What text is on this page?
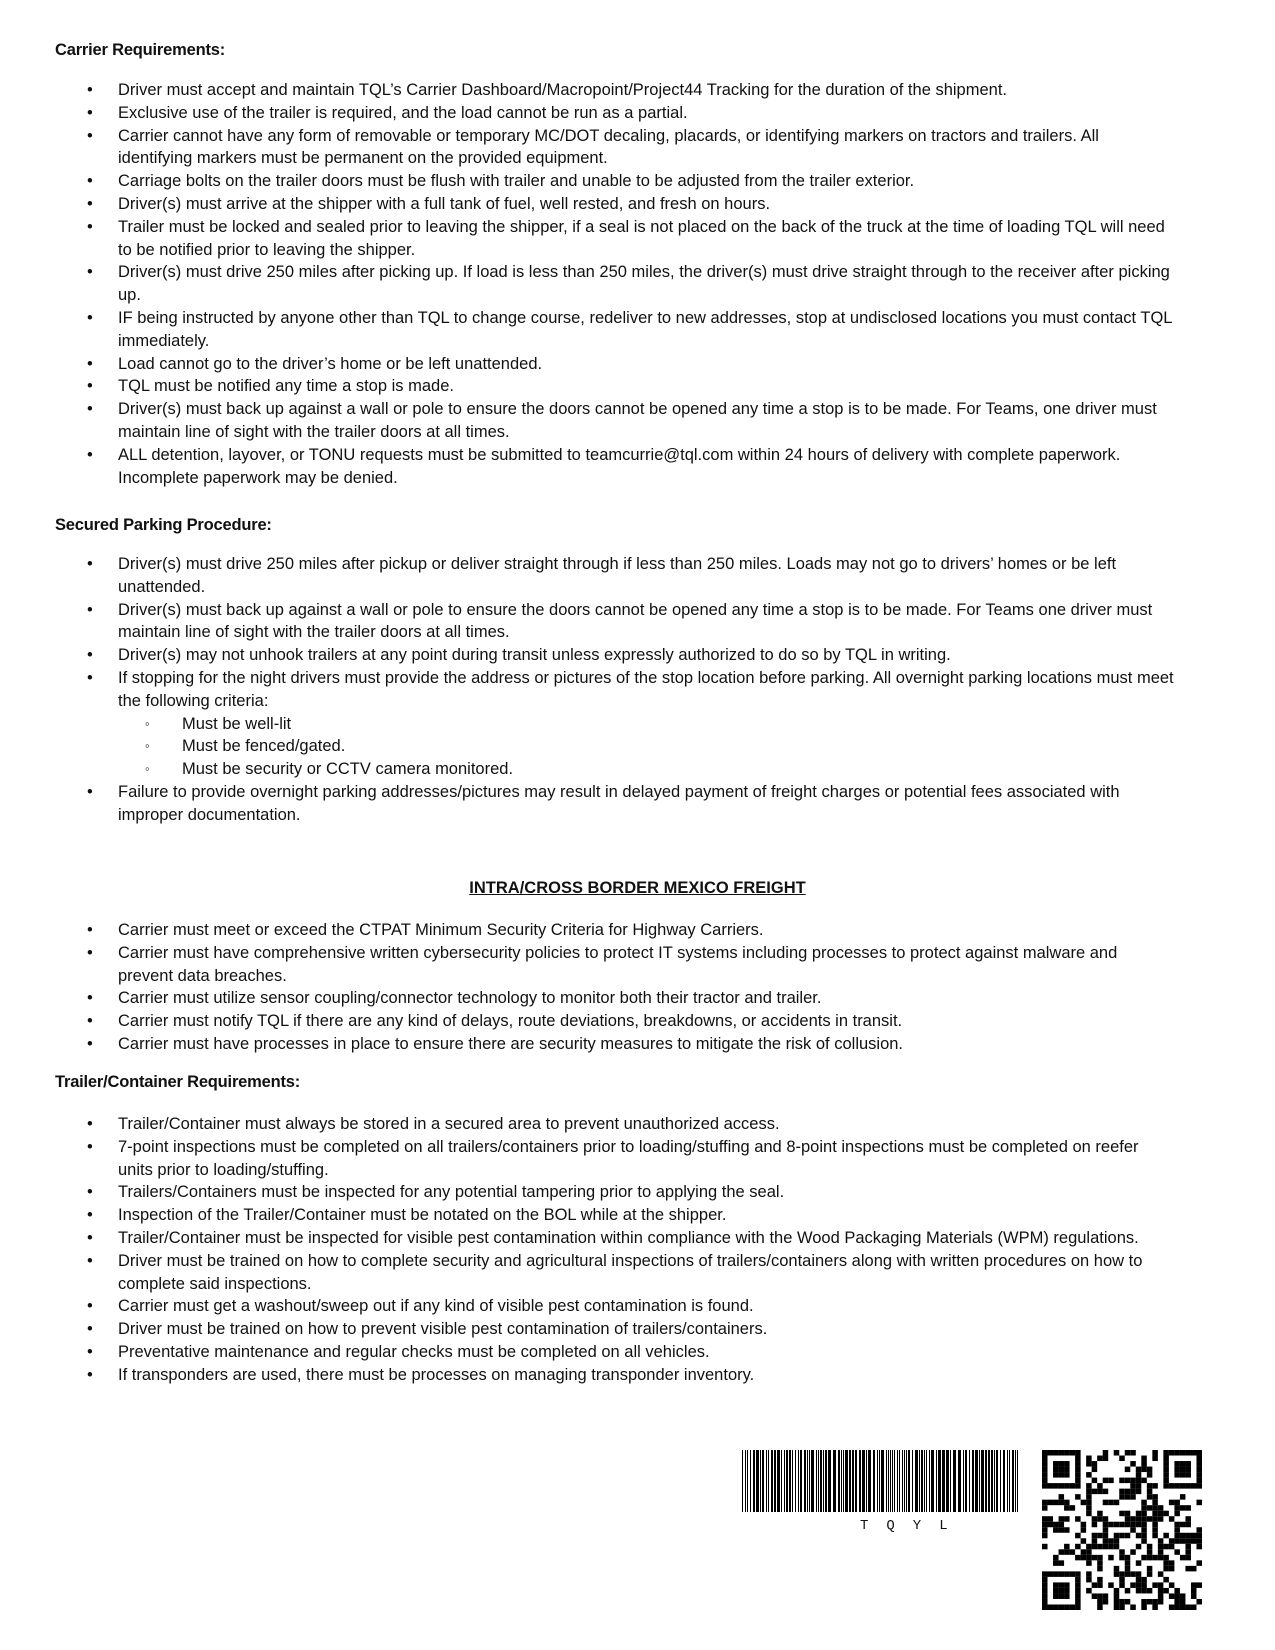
Carrier Requirements:
• Driver must accept and maintain TQL’s Carrier Dashboard/Macropoint/Project44 Tracking for the duration of the shipment.
• Exclusive use of the trailer is required, and the load cannot be run as a partial.
• Carrier cannot have any form of removable or temporary MC/DOT decaling, placards, or identifying markers on tractors and trailers. All identifying markers must be permanent on the provided equipment.
• Carriage bolts on the trailer doors must be flush with trailer and unable to be adjusted from the trailer exterior.
• Driver(s) must arrive at the shipper with a full tank of fuel, well rested, and fresh on hours.
• Trailer must be locked and sealed prior to leaving the shipper, if a seal is not placed on the back of the truck at the time of loading TQL will need to be notified prior to leaving the shipper.
• Driver(s) must drive 250 miles after picking up. If load is less than 250 miles, the driver(s) must drive straight through to the receiver after picking up.
• IF being instructed by anyone other than TQL to change course, redeliver to new addresses, stop at undisclosed locations you must contact TQL immediately.
• Load cannot go to the driver’s home or be left unattended.
• TQL must be notified any time a stop is made.
• Driver(s) must back up against a wall or pole to ensure the doors cannot be opened any time a stop is to be made. For Teams, one driver must maintain line of sight with the trailer doors at all times.
• ALL detention, layover, or TONU requests must be submitted to teamcurrie@tql.com within 24 hours of delivery with complete paperwork. Incomplete paperwork may be denied.
Secured Parking Procedure:
• Driver(s) must drive 250 miles after pickup or deliver straight through if less than 250 miles. Loads may not go to drivers’ homes or be left unattended.
• Driver(s) must back up against a wall or pole to ensure the doors cannot be opened any time a stop is to be made. For Teams one driver must maintain line of sight with the trailer doors at all times.
• Driver(s) may not unhook trailers at any point during transit unless expressly authorized to do so by TQL in writing.
• If stopping for the night drivers must provide the address or pictures of the stop location before parking. All overnight parking locations must meet the following criteria:
◦ Must be well-lit
◦ Must be fenced/gated.
◦ Must be security or CCTV camera monitored.
• Failure to provide overnight parking addresses/pictures may result in delayed payment of freight charges or potential fees associated with improper documentation.
INTRA/CROSS BORDER MEXICO FREIGHT
• Carrier must meet or exceed the CTPAT Minimum Security Criteria for Highway Carriers.
• Carrier must have comprehensive written cybersecurity policies to protect IT systems including processes to protect against malware and prevent data breaches.
• Carrier must utilize sensor coupling/connector technology to monitor both their tractor and trailer.
• Carrier must notify TQL if there are any kind of delays, route deviations, breakdowns, or accidents in transit.
• Carrier must have processes in place to ensure there are security measures to mitigate the risk of collusion.
Trailer/Container Requirements:
• Trailer/Container must always be stored in a secured area to prevent unauthorized access.
• 7-point inspections must be completed on all trailers/containers prior to loading/stuffing and 8-point inspections must be completed on reefer units prior to loading/stuffing.
• Trailers/Containers must be inspected for any potential tampering prior to applying the seal.
• Inspection of the Trailer/Container must be notated on the BOL while at the shipper.
• Trailer/Container must be inspected for visible pest contamination within compliance with the Wood Packaging Materials (WPM) regulations.
• Driver must be trained on how to complete security and agricultural inspections of trailers/containers along with written procedures on how to complete said inspections.
• Carrier must get a washout/sweep out if any kind of visible pest contamination is found.
• Driver must be trained on how to prevent visible pest contamination of trailers/containers.
• Preventative maintenance and regular checks must be completed on all vehicles.
• If transponders are used, there must be processes on managing transponder inventory.
TQYL
